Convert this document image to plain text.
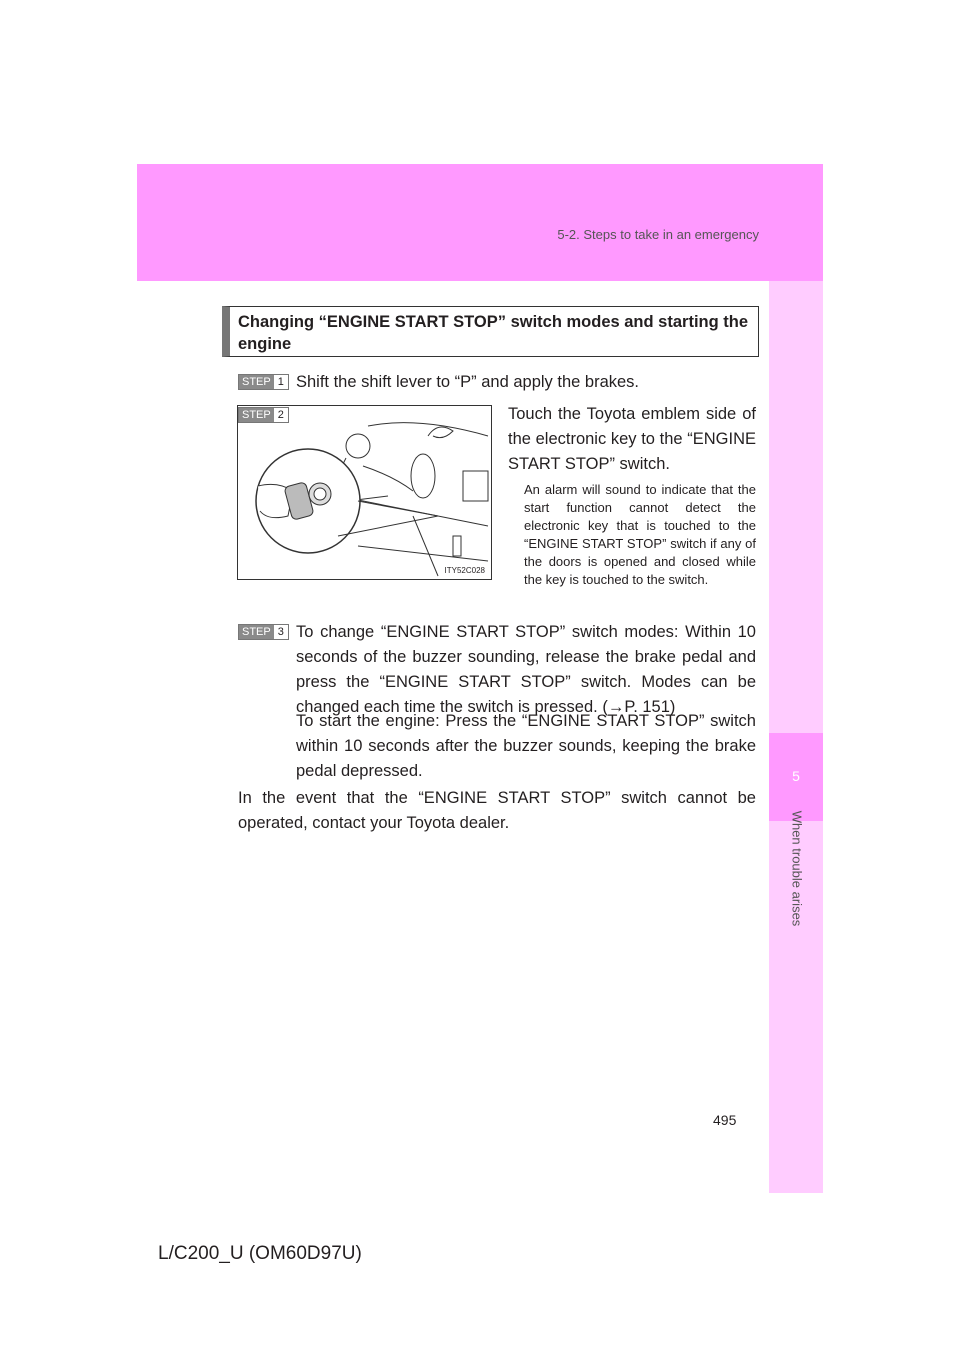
5-2. Steps to take in an emergency
5
When trouble arises
Changing “ENGINE START STOP” switch modes and starting the engine
STEP 1 Shift the shift lever to “P” and apply the brakes.
STEP 2
ITY52C028
Touch the Toyota emblem side of the electronic key to the “ENGINE START STOP” switch.
An alarm will sound to indicate that the start function cannot detect the electronic key that is touched to the “ENGINE START STOP” switch if any of the doors is opened and closed while the key is touched to the switch.
STEP 3 To change “ENGINE START STOP” switch modes: Within 10 seconds of the buzzer sounding, release the brake pedal and press the “ENGINE START STOP” switch. Modes can be changed each time the switch is pressed. (→P. 151)
To start the engine: Press the “ENGINE START STOP” switch within 10 seconds after the buzzer sounds, keeping the brake pedal depressed.
In the event that the “ENGINE START STOP” switch cannot be operated, contact your Toyota dealer.
495
L/C200_U (OM60D97U)
